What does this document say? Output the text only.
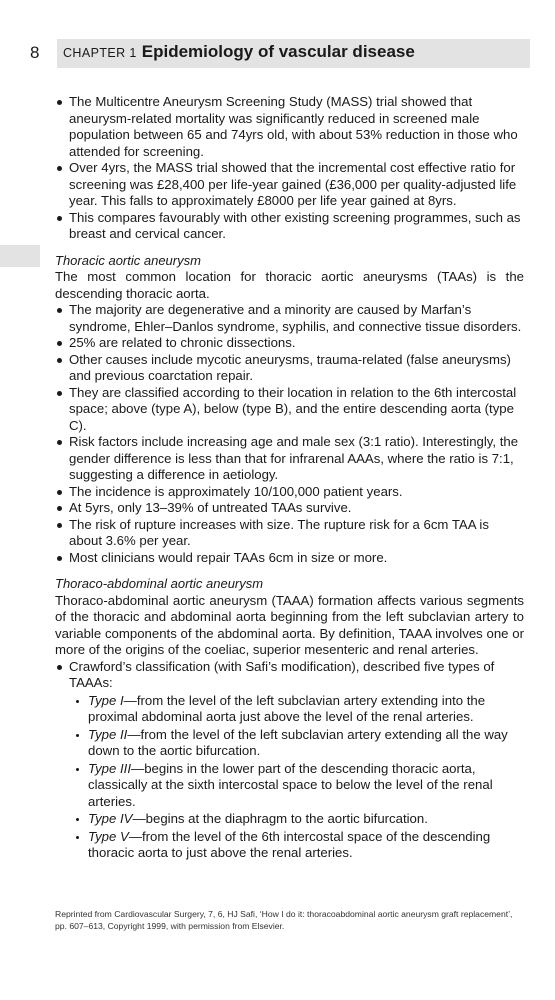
8 CHAPTER 1 Epidemiology of vascular disease
The Multicentre Aneurysm Screening Study (MASS) trial showed that aneurysm-related mortality was significantly reduced in screened male population between 65 and 74yrs old, with about 53% reduction in those who attended for screening.
Over 4yrs, the MASS trial showed that the incremental cost effective ratio for screening was £28,400 per life-year gained (£36,000 per quality-adjusted life year. This falls to approximately £8000 per life year gained at 8yrs.
This compares favourably with other existing screening programmes, such as breast and cervical cancer.
Thoracic aortic aneurysm
The most common location for thoracic aortic aneurysms (TAAs) is the descending thoracic aorta.
The majority are degenerative and a minority are caused by Marfan’s syndrome, Ehler–Danlos syndrome, syphilis, and connective tissue disorders.
25% are related to chronic dissections.
Other causes include mycotic aneurysms, trauma-related (false aneurysms) and previous coarctation repair.
They are classified according to their location in relation to the 6th intercostal space; above (type A), below (type B), and the entire descending aorta (type C).
Risk factors include increasing age and male sex (3:1 ratio). Interestingly, the gender difference is less than that for infrarenal AAAs, where the ratio is 7:1, suggesting a difference in aetiology.
The incidence is approximately 10/100,000 patient years.
At 5yrs, only 13–39% of untreated TAAs survive.
The risk of rupture increases with size. The rupture risk for a 6cm TAA is about 3.6% per year.
Most clinicians would repair TAAs 6cm in size or more.
Thoraco-abdominal aortic aneurysm
Thoraco-abdominal aortic aneurysm (TAAA) formation affects various segments of the thoracic and abdominal aorta beginning from the left subclavian artery to variable components of the abdominal aorta. By definition, TAAA involves one or more of the origins of the coeliac, superior mesenteric and renal arteries.
Crawford’s classification (with Safi’s modification), described five types of TAAAs:
Type I—from the level of the left subclavian artery extending into the proximal abdominal aorta just above the level of the renal arteries.
Type II—from the level of the left subclavian artery extending all the way down to the aortic bifurcation.
Type III—begins in the lower part of the descending thoracic aorta, classically at the sixth intercostal space to below the level of the renal arteries.
Type IV—begins at the diaphragm to the aortic bifurcation.
Type V—from the level of the 6th intercostal space of the descending thoracic aorta to just above the renal arteries.
Reprinted from Cardiovascular Surgery, 7, 6, HJ Safi, ‘How I do it: thoracoabdominal aortic aneurysm graft replacement’, pp. 607–613, Copyright 1999, with permission from Elsevier.
